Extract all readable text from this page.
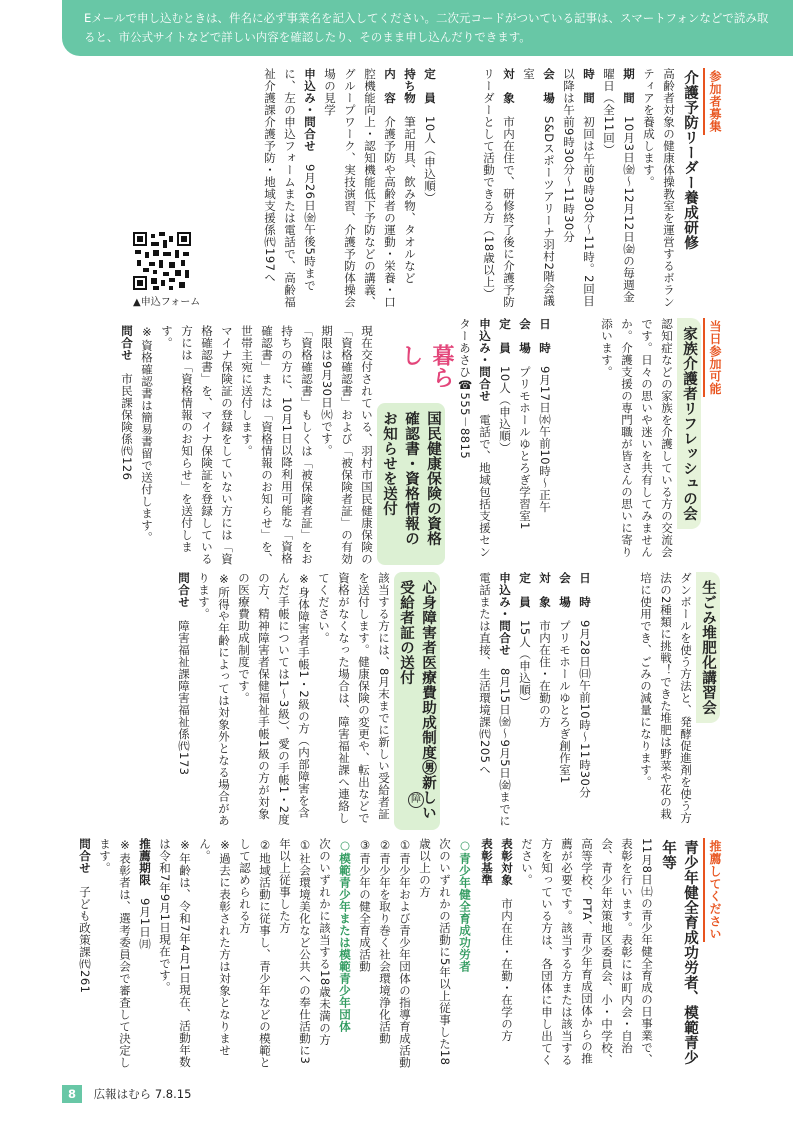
Eメールで申し込むときは、件名に必ず事業名を記入してください。二次元コードがついている記事は、スマートフォンなどで読み取ると、市公式サイトなどで詳しい内容を確認したり、そのまま申し込んだりできます。

生ごみ堆肥化講習会

ダンボールを使う方法と、発酵促進剤を使う方法の2種類に挑戦！できた堆肥は野菜や花の栽培に使用でき、ごみの減量になります。

日　時　9月28日㈰午前10時～11時30分

会　場　プリモホールゆとろぎ創作室1

対　象　市内在住・在勤の方

定　員　15人（申込順）

申込み・問合せ　8月15日㈮～9月5日㈮までに電話または直接、生活環境課㈹205へ

当日参加可能

家族介護者リフレッシュの会

認知症などの家族を介護している方の交流会です。日々の思いや迷いを共有してみませんか。介護支援の専門職が皆さんの思いに寄り添います。

日　時　9月17日㈬午前10時～正午

会　場　プリモホールゆとろぎ学習室1

定　員　10人（申込順）

申込み・問合せ　電話で、地域包括支援センターあさひ☎555－8815

参加者募集

介護予防リーダー養成研修

高齢者対象の健康体操教室を運営するボランティアを養成します。

期　間　10月3日㈮～12月12日㈮の毎週金曜日（全11回）

時　間　初回は午前9時30分～11時。2回目以降は午前9時30分～11時30分

会　場　S&Dスポーツアリーナ羽村2階会議室

対　象　市内在住で、研修終了後に介護予防リーダーとして活動できる方（18歳以上）

定　員　10人（申込順）

持ち物　筆記用具、飲み物、タオルなど

内　容　介護予防や高齢者の運動・栄養・口腔機能向上・認知機能低下予防などの講義、グループワーク、実技演習、介護予防体操会場の見学

申込み・問合せ　9月26日㈮午後5時までに、左の申込フォームまたは電話で、高齢福祉介護課介護予防・地域支援係㈹197へ

▲申込フォーム
暮らし

国民健康保険の資格確認書・資格情報のお知らせを送付

現在交付されている、羽村市国民健康保険の「資格確認書」および「被保険者証」の有効期限は9月30日㈫です。

「資格確認書」もしくは「被保険者証」をお持ちの方に、10月1日以降利用可能な「資格確認書」または「資格情報のお知らせ」を、世帯主宛に送付します。

マイナ保険証の登録をしていない方には「資格確認書」を、マイナ保険証を登録している方には「資格情報のお知らせ」を送付します。

※資格確認書は簡易書留で送付します。

問合せ　市民課保険係㈹126

心身障害者医療費助成制度㊚新しい受給者証の送付

該当する方には、8月末までに新しい受給者証を送付します。健康保険の変更や、転出などで資格がなくなった場合は、障害福祉課へ連絡してください。

※身体障害者手帳1・2級の方（内部障害を含んだ手帳については1～3級）、愛の手帳1・2度の方、精神障害者保健福祉手帳1級の方が対象の医療費助成制度です。

※所得や年齢によっては対象外となる場合があります。

問合せ　障害福祉課障害福祉係㈹173

障

推薦してください

青少年健全育成功労者、模範青少年等

11月8日㈯の青少年健全育成の日事業で、表彰を行います。表彰には町内会・自治会、青少年対策地区委員会、小・中学校、高等学校、PTA、青少年育成団体からの推薦が必要です。該当する方または該当する方を知っている方は、各団体に申し出てください。

表彰対象　市内在住・在勤・在学の方

表彰基準

○青少年健全育成功労者

次のいずれかの活動に5年以上従事した18歳以上の方

①青少年および青少年団体の指導育成活動

②青少年を取り巻く社会環境浄化活動

③青少年の健全育成活動

○模範青少年または模範青少年団体

次のいずれかに該当する18歳未満の方

①社会環境美化など公共への奉仕活動に3年以上従事した方

②地域活動に従事し、青少年などの模範として認められる方

※過去に表彰された方は対象となりません。

※年齢は、令和7年4月1日現在、活動年数は令和7年9月1日現在です。

推薦期限　9月1日㈪

※表彰者は、選考委員会で審査して決定します。

問合せ　子ども政策課㈹261

8 広報はむら 7.8.15
